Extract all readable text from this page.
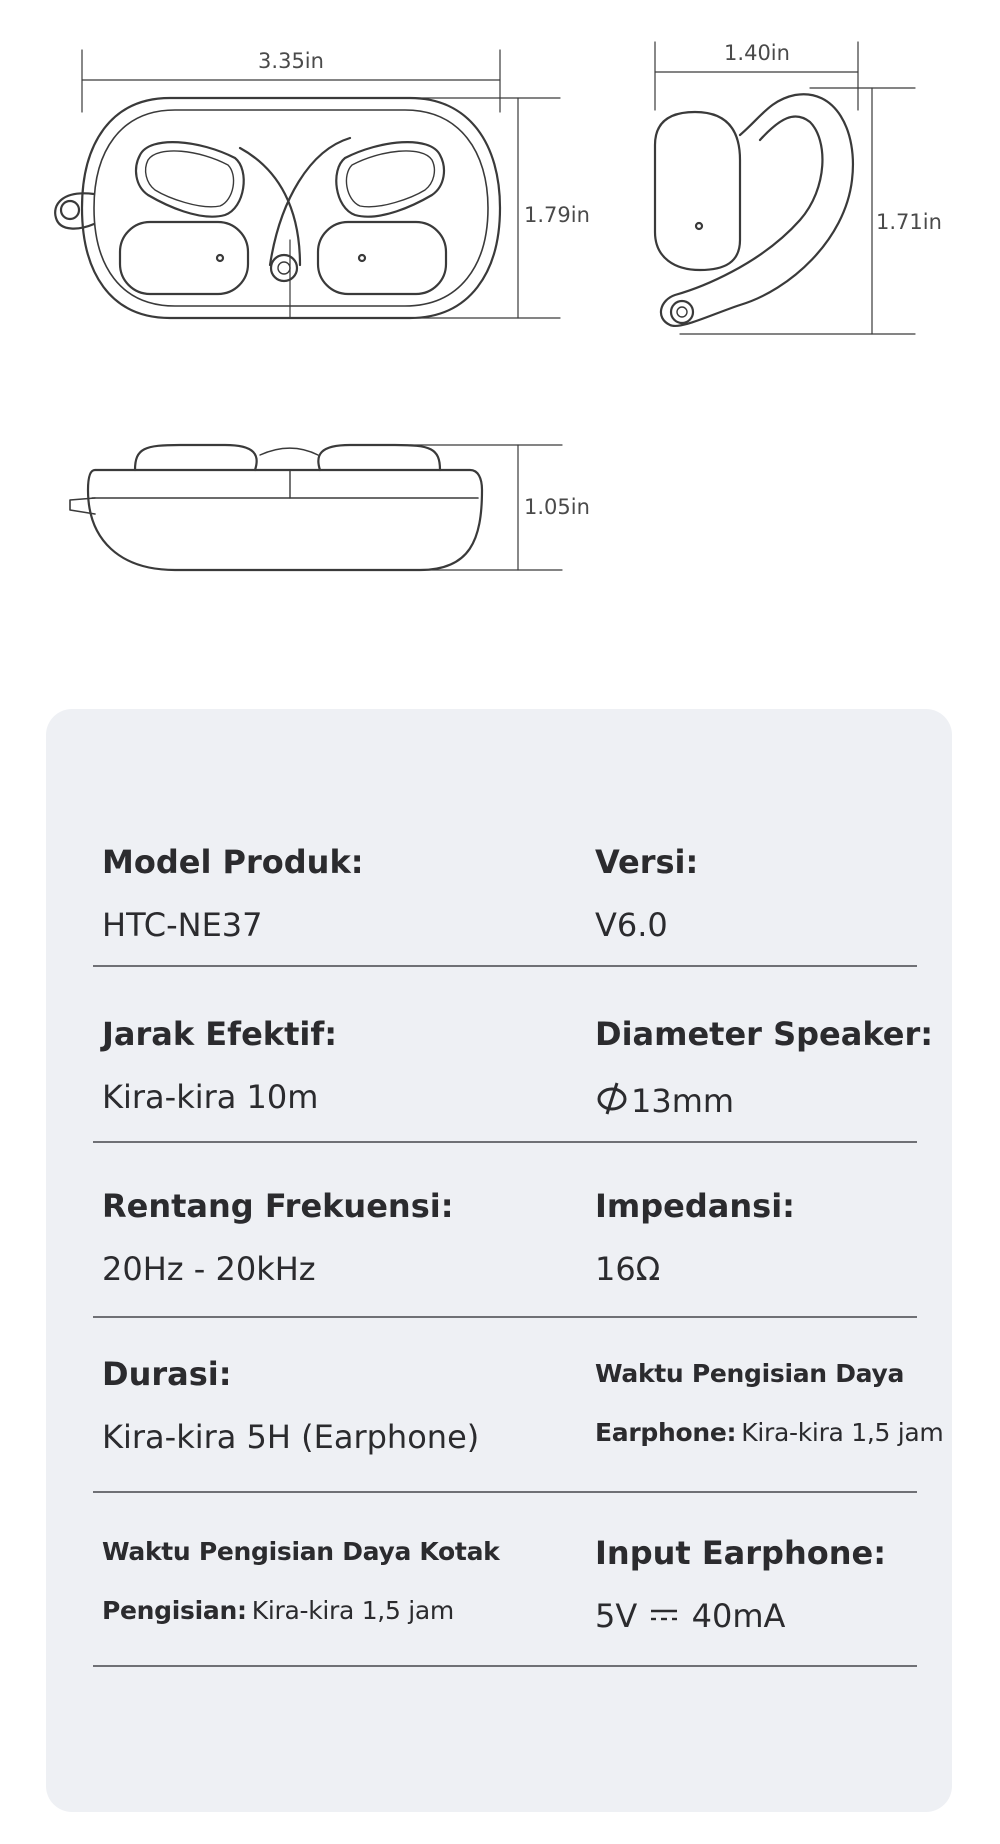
3.35in
1.79in
1.40in
1.71in
1.05in
Model Produk:
HTC-NE37
Versi:
V6.0
Jarak Efektif:
Kira-kira 10m
Diameter Speaker:
13mm
Rentang Frekuensi:
20Hz - 20kHz
Impedansi:
16Ω
Durasi:
Kira-kira 5H (Earphone)
Waktu Pengisian Daya
Earphone: Kira-kira 1,5 jam
Waktu Pengisian Daya Kotak
Pengisian: Kira-kira 1,5 jam
Input Earphone:
5V 40mA
